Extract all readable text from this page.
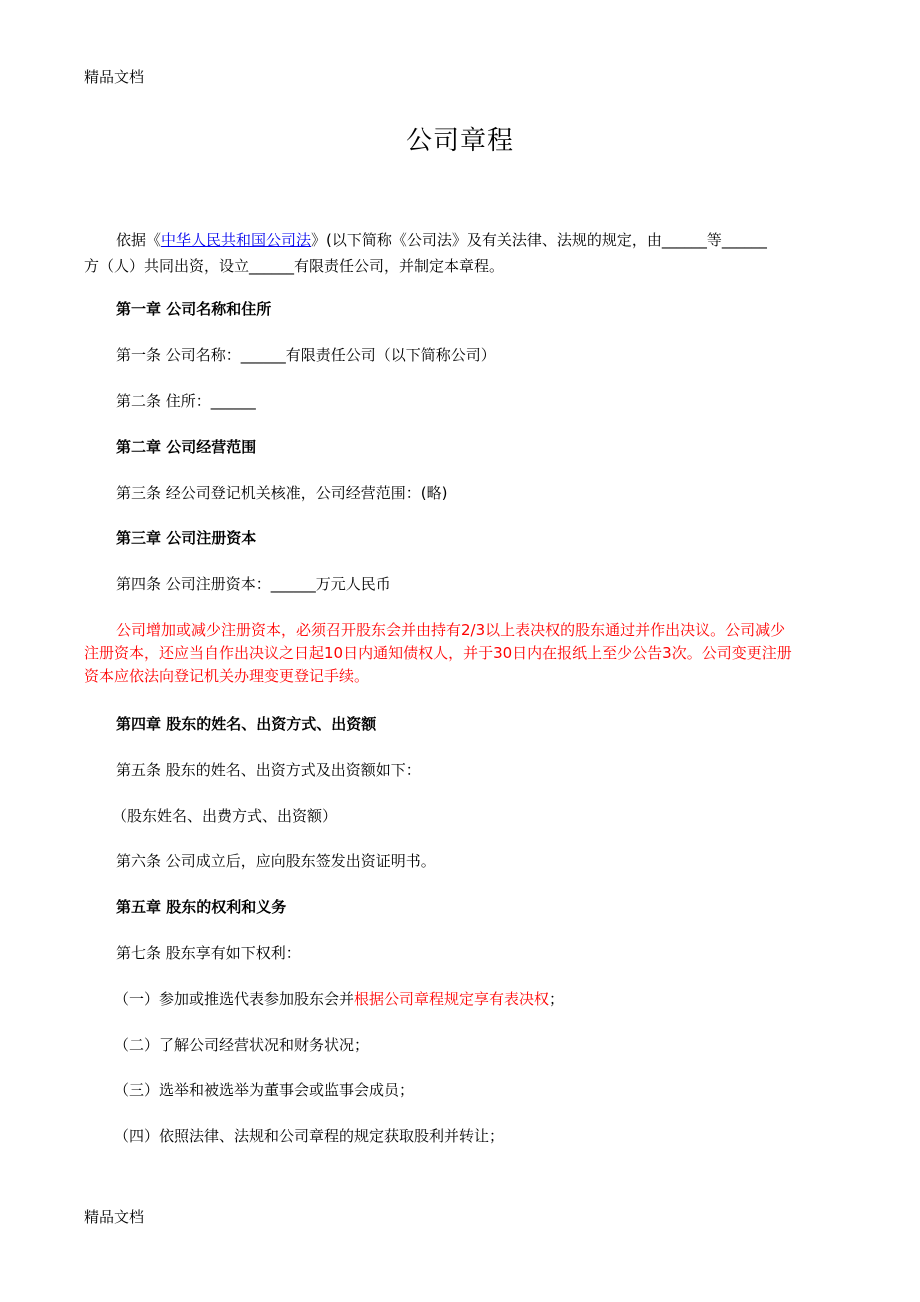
精品文档
公司章程
依据《中华人民共和国公司法》(以下简称《公司法》及有关法律、法规的规定，由______等______
方（人）共同出资，设立______有限责任公司，并制定本章程。
第一章 公司名称和住所
第一条 公司名称：______有限责任公司（以下简称公司）
第二条 住所：______
第二章 公司经营范围
第三条 经公司登记机关核准，公司经营范围：(略)
第三章 公司注册资本
第四条 公司注册资本：______万元人民币
公司增加或减少注册资本，必须召开股东会并由持有2/3以上表决权的股东通过并作出决议。公司减少
注册资本，还应当自作出决议之日起10日内通知债权人，并于30日内在报纸上至少公告3次。公司变更注册
资本应依法向登记机关办理变更登记手续。
第四章 股东的姓名、出资方式、出资额
第五条 股东的姓名、出资方式及出资额如下：
（股东姓名、出费方式、出资额）
第六条 公司成立后，应向股东签发出资证明书。
第五章 股东的权利和义务
第七条 股东享有如下权利：
（一）参加或推选代表参加股东会并根据公司章程规定享有表决权；
（二）了解公司经营状况和财务状况；
（三）选举和被选举为董事会或监事会成员；
（四）依照法律、法规和公司章程的规定获取股利并转让；
精品文档
